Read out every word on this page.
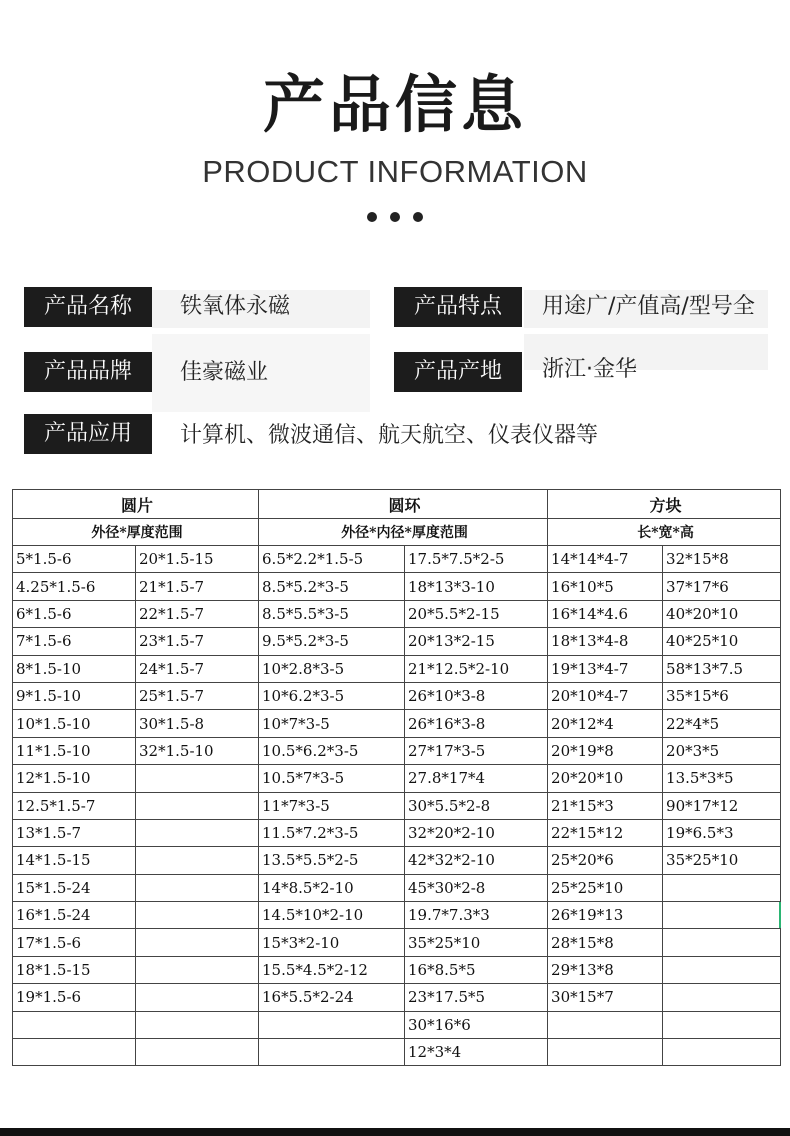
产品信息
PRODUCT INFORMATION
产品名称	铁氧体永磁	产品特点	用途广/产值高/型号全
产品品牌	佳豪磁业	产品产地	浙江·金华
产品应用	计算机、微波通信、航天航空、仪表仪器等
圆片		圆环		方块	
外径*厚度范围		外径*内径*厚度范围		长*宽*高	
5*1.5-6	20*1.5-15	6.5*2.2*1.5-5	17.5*7.5*2-5	14*14*4-7	32*15*8
4.25*1.5-6	21*1.5-7	8.5*5.2*3-5	18*13*3-10	16*10*5	37*17*6
6*1.5-6	22*1.5-7	8.5*5.5*3-5	20*5.5*2-15	16*14*4.6	40*20*10
7*1.5-6	23*1.5-7	9.5*5.2*3-5	20*13*2-15	18*13*4-8	40*25*10
8*1.5-10	24*1.5-7	10*2.8*3-5	21*12.5*2-10	19*13*4-7	58*13*7.5
9*1.5-10	25*1.5-7	10*6.2*3-5	26*10*3-8	20*10*4-7	35*15*6
10*1.5-10	30*1.5-8	10*7*3-5	26*16*3-8	20*12*4	22*4*5
11*1.5-10	32*1.5-10	10.5*6.2*3-5	27*17*3-5	20*19*8	20*3*5
12*1.5-10		10.5*7*3-5	27.8*17*4	20*20*10	13.5*3*5
12.5*1.5-7		11*7*3-5	30*5.5*2-8	21*15*3	90*17*12
13*1.5-7		11.5*7.2*3-5	32*20*2-10	22*15*12	19*6.5*3
14*1.5-15		13.5*5.5*2-5	42*32*2-10	25*20*6	35*25*10
15*1.5-24		14*8.5*2-10	45*30*2-8	25*25*10	
16*1.5-24		14.5*10*2-10	19.7*7.3*3	26*19*13	
17*1.5-6		15*3*2-10	35*25*10	28*15*8	
18*1.5-15		15.5*4.5*2-12	16*8.5*5	29*13*8	
19*1.5-6		16*5.5*2-24	23*17.5*5	30*15*7	
			30*16*6		
			12*3*4		
